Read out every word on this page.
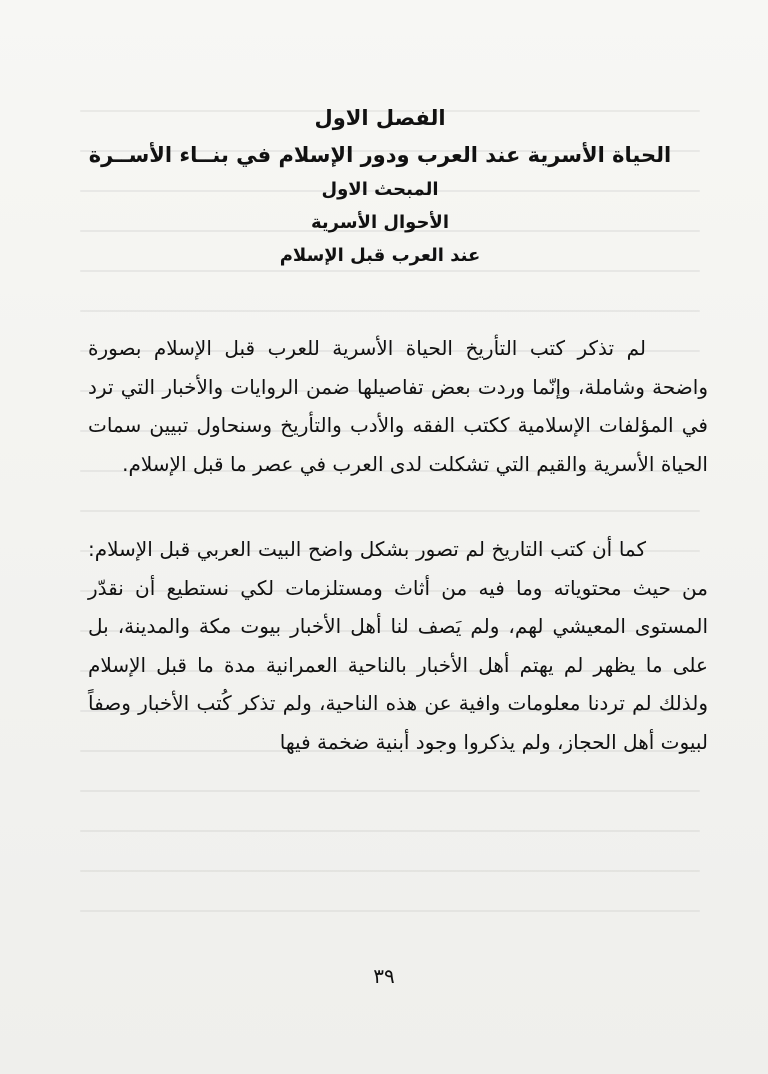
الفصل الاول

الحياة الأسرية عند العرب ودور الإسلام في بنــاء الأســرة

المبحث الاول

الأحوال الأسرية

عند العرب قبل الإسلام

لم تذكر كتب التأريخ الحياة الأسرية للعرب قبل الإسلام بصورة واضحة وشاملة، وإنّما وردت بعض تفاصيلها ضمن الروايات والأخبار التي ترد في المؤلفات الإسلامية ككتب الفقه والأدب والتأريخ وسنحاول تبيين سمات الحياة الأسرية والقيم التي تشكلت لدى العرب في عصر ما قبل الإسلام.

كما أن كتب التاريخ لم تصور بشكل واضح البيت العربي قبل الإسلام: من حيث محتوياته وما فيه من أثاث ومستلزمات لكي نستطيع أن نقدّر المستوى المعيشي لهم، ولم يَصف لنا أهل الأخبار بيوت مكة والمدينة، بل على ما يظهر لم يهتم أهل الأخبار بالناحية العمرانية مدة ما قبل الإسلام ولذلك لم تردنا معلومات وافية عن هذه الناحية، ولم تذكر كُتب الأخبار وصفاً لبيوت أهل الحجاز، ولم يذكروا وجود أبنية ضخمة فيها

٣٩
